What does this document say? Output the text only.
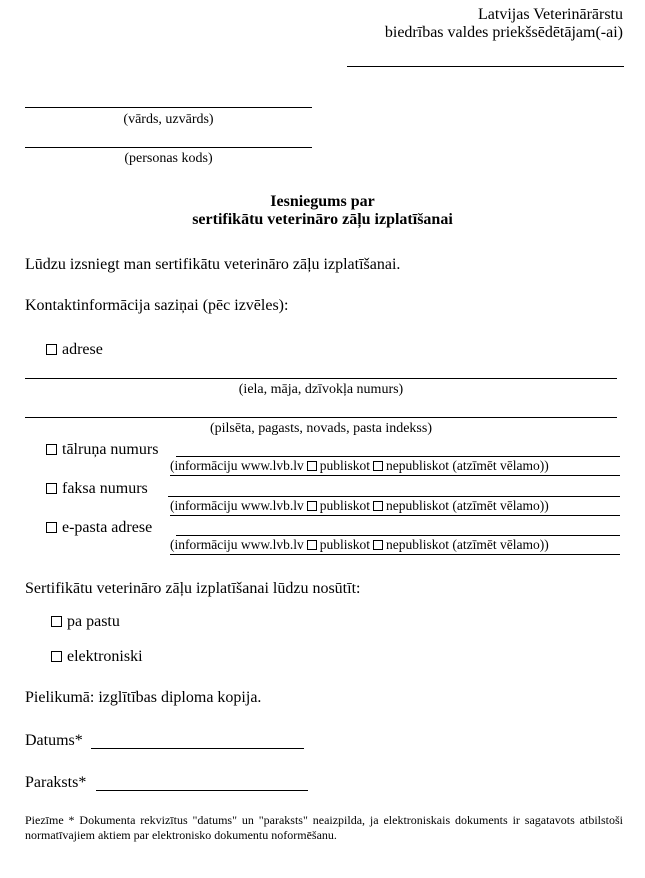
Latvijas Veterinārārstu
biedrības valdes priekšsēdētājam(-ai)
(vārds, uzvārds)
(personas kods)
Iesniegums par
sertifikātu veterināro zāļu izplatīšanai
Lūdzu izsniegt man sertifikātu veterināro zāļu izplatīšanai.
Kontaktinformācija saziņai (pēc izvēles):
adrese
(iela, māja, dzīvokļa numurs)
(pilsēta, pagasts, novads, pasta indekss)
tālruņa numurs
(informāciju www.lvb.lv publiskot nepubliskot (atzīmēt vēlamo))
faksa numurs
(informāciju www.lvb.lv publiskot nepubliskot (atzīmēt vēlamo))
e-pasta adrese
(informāciju www.lvb.lv publiskot nepubliskot (atzīmēt vēlamo))
Sertifikātu veterināro zāļu izplatīšanai lūdzu nosūtīt:
pa pastu
elektroniski
Pielikumā: izglītības diploma kopija.
Datums*
Paraksts*
Piezīme * Dokumenta rekvizītus "datums" un "paraksts" neaizpilda, ja elektroniskais dokuments ir sagatavots atbilstoši normatīvajiem aktiem par elektronisko dokumentu noformēšanu.
